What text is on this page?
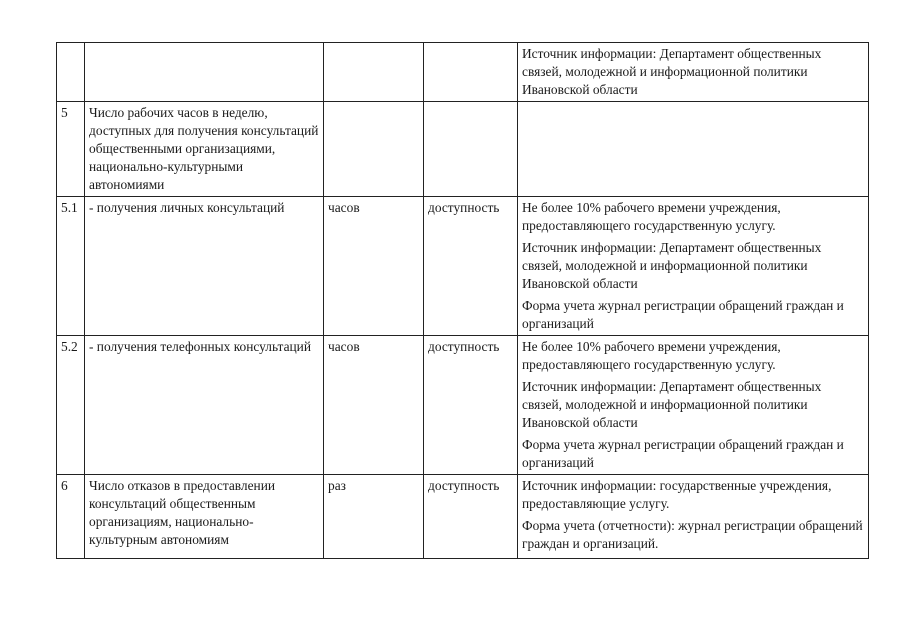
				Источник информации: Департамент общественных связей, молодежной и информационной политики Ивановской области

5	Число рабочих часов в неделю, доступных для получения консультаций общественными организациями, национально-культурными автономиями			
5.1	- получения личных консультаций	часов	доступность	Не более 10% рабочего времени учреждения, предоставляющего государственную услугу.
Источник информации: Департамент общественных связей, молодежной и информационной политики Ивановской области
Форма учета журнал регистрации обращений граждан и организаций

5.2	- получения телефонных консультаций	часов	доступность	Не более 10% рабочего времени учреждения, предоставляющего государственную услугу.
Источник информации: Департамент общественных связей, молодежной и информационной политики Ивановской области
Форма учета журнал регистрации обращений граждан и организаций

6	Число отказов в предоставлении консультаций общественным организациям, национально-культурным автономиям	раз	доступность	Источник информации: государственные учреждения, предоставляющие услугу.
Форма учета (отчетности): журнал регистрации обращений граждан и организаций.
